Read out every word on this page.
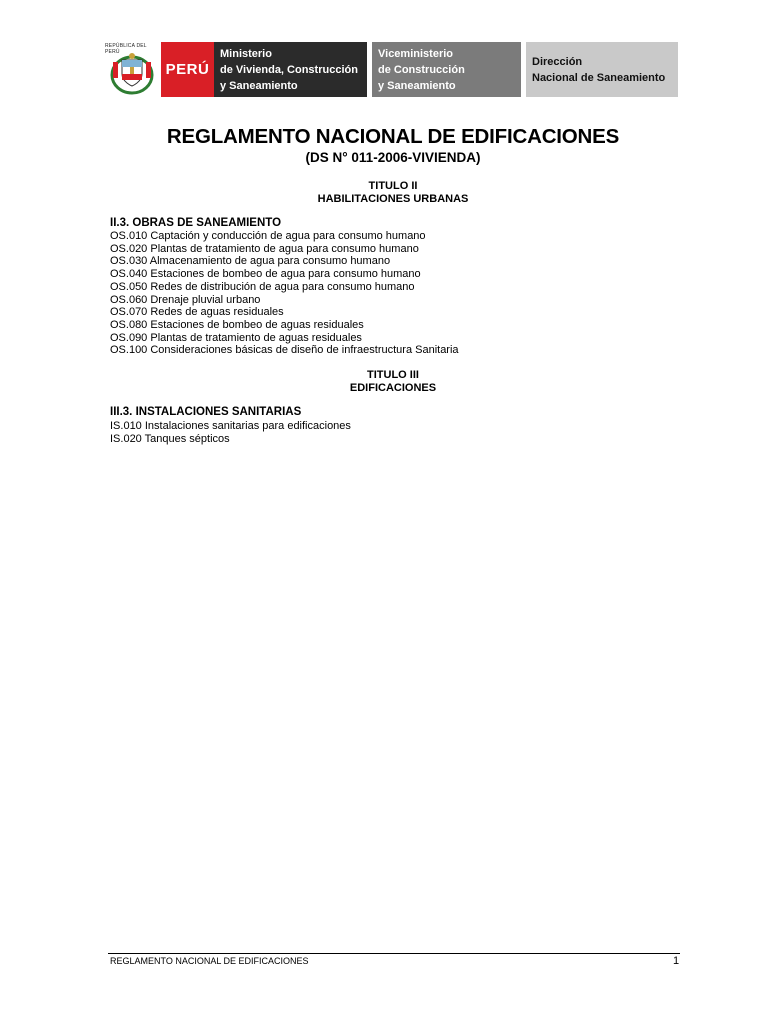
REPÚBLICA DEL PERÚ
PERÚ
Ministerio
de Vivienda, Construcción
y Saneamiento
Viceministerio
de Construcción
y Saneamiento
Dirección
Nacional de Saneamiento
REGLAMENTO NACIONAL DE EDIFICACIONES
(DS N° 011-2006-VIVIENDA)
TITULO II
HABILITACIONES URBANAS
II.3. OBRAS DE SANEAMIENTO
OS.010 Captación y conducción de agua para consumo humano
OS.020 Plantas de tratamiento de agua para consumo humano
OS.030 Almacenamiento de agua para consumo humano
OS.040 Estaciones de bombeo de agua para consumo humano
OS.050 Redes de distribución de agua para consumo humano
OS.060 Drenaje pluvial urbano
OS.070 Redes de aguas residuales
OS.080 Estaciones de bombeo de aguas residuales
OS.090 Plantas de tratamiento de aguas residuales
OS.100 Consideraciones básicas de diseño de infraestructura Sanitaria
TITULO III
EDIFICACIONES
III.3. INSTALACIONES SANITARIAS
IS.010 Instalaciones sanitarias para edificaciones
IS.020 Tanques sépticos
REGLAMENTO NACIONAL DE EDIFICACIONES	1
